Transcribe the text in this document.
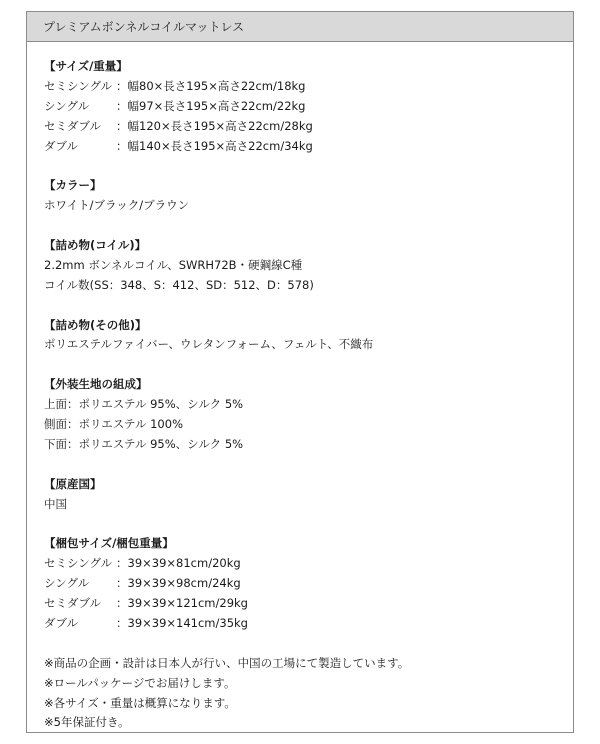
プレミアムボンネルコイルマットレス
【サイズ/重量】
セミシングル ：幅80×長さ195×高さ22cm/18kg
シングル	：幅97×長さ195×高さ22cm/22kg
セミダブル	：幅120×長さ195×高さ22cm/28kg
ダブル	：幅140×長さ195×高さ22cm/34kg
【カラー】
ホワイト/ブラック/ブラウン
【詰め物(コイル)】
2.2mm ボンネルコイル、SWRH72B・硬鋼線C種
コイル数(SS：348、S：412、SD：512、D：578)
【詰め物(その他)】
ポリエステルファイバー、ウレタンフォーム、フェルト、不織布
【外装生地の組成】
上面：ポリエステル 95%、シルク 5%
側面：ポリエステル 100%
下面：ポリエステル 95%、シルク 5%
【原産国】
中国
【梱包サイズ/梱包重量】
セミシングル ：39×39×81cm/20kg
シングル	：39×39×98cm/24kg
セミダブル	：39×39×121cm/29kg
ダブル	：39×39×141cm/35kg
※商品の企画・設計は日本人が行い、中国の工場にて製造しています。
※ロールパッケージでお届けします。
※各サイズ・重量は概算になります。
※5年保証付き。
